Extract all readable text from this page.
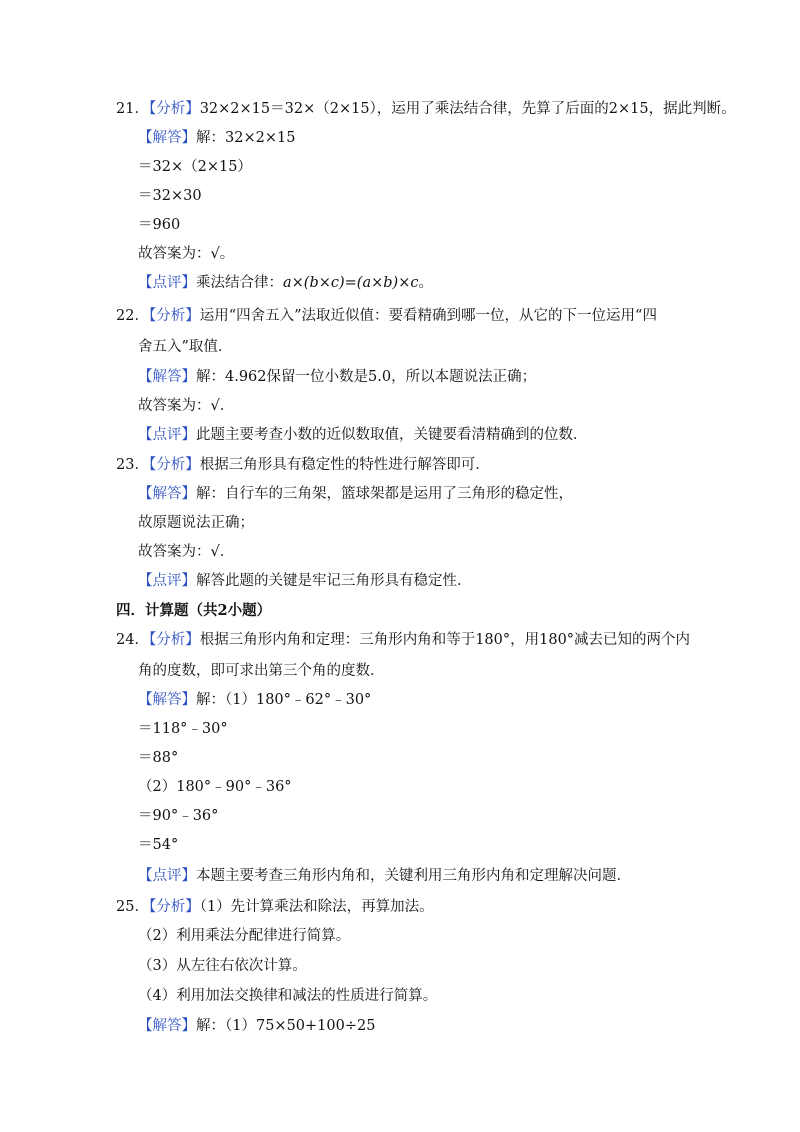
21．【分析】32×2×15＝32×（2×15），运用了乘法结合律，先算了后面的2×15，据此判断。
【解答】解：32×2×15
＝32×（2×15）
＝32×30
＝960
故答案为：√。
【点评】乘法结合律：a×(b×c)=(a×b)×c。
22．【分析】运用“四舍五入”法取近似值：要看精确到哪一位，从它的下一位运用“四
舍五入”取值．
【解答】解：4.962保留一位小数是5.0，所以本题说法正确；
故答案为：√．
【点评】此题主要考查小数的近似数取值，关键要看清精确到的位数．
23．【分析】根据三角形具有稳定性的特性进行解答即可．
【解答】解：自行车的三角架，篮球架都是运用了三角形的稳定性，
故原题说法正确；
故答案为：√．
【点评】解答此题的关键是牢记三角形具有稳定性．
四．计算题（共2小题）
24．【分析】根据三角形内角和定理：三角形内角和等于180°，用180°减去已知的两个内
角的度数，即可求出第三个角的度数．
【解答】解：（1）180°﹣62°﹣30°
＝118°﹣30°
＝88°
（2）180°﹣90°﹣36°
＝90°﹣36°
＝54°
【点评】本题主要考查三角形内角和，关键利用三角形内角和定理解决问题．
25．【分析】（1）先计算乘法和除法，再算加法。
（2）利用乘法分配律进行简算。
（3）从左往右依次计算。
（4）利用加法交换律和减法的性质进行简算。
【解答】解：（1）75×50+100÷25
